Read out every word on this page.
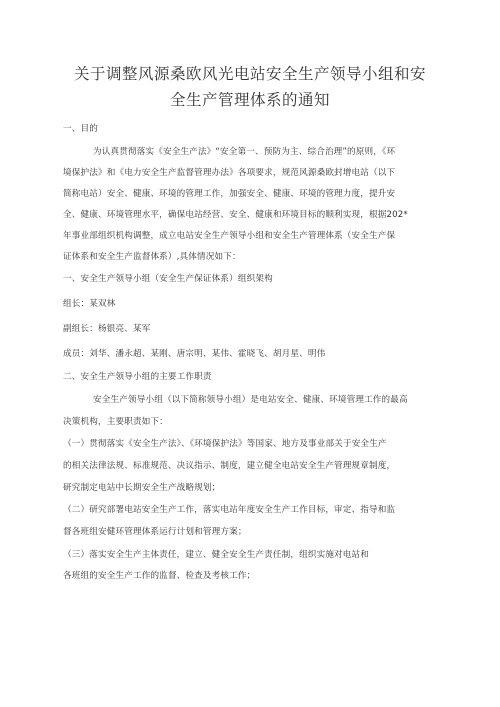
关于调整风源桑欧风光电站安全生产领导小组和安
全生产管理体系的通知
一、目的
为认真贯彻落实《安全生产法》“安全第一、预防为主、综合治理”的原则，《环
境保护法》和《电力安全生产监督管理办法》各项要求，规范风源桑欧封增电站（以下
简称电站）安全、健康、环境的管理工作，加强安全、健康、环境的管理力度，提升安
全、健康、环境管理水平，确保电站经营、安全、健康和环境目标的顺利实现，根据202*
年事业部组织机构调整，成立电站安全生产领导小组和安全生产管理体系（安全生产保
证体系和安全生产监督体系）,具体情况如下：
一、安全生产领导小组（安全生产保证体系）组织架构
组长：某双林
副组长：杨银亮、某军
成员：刘华、潘永超、某刚、唐宗明、某伟、霍晓飞、胡月星、明伟
二、安全生产领导小组的主要工作职责
安全生产领导小组（以下简称领导小组）是电站安全、健康、环境管理工作的最高
决策机构，主要职责如下：
（一）贯彻落实《安全生产法》、《环境保护法》等国家、地方及事业部关于安全生产
的相关法律法规、标准规范、决议指示、制度，建立健全电站安全生产管理规章制度，
研究制定电站中长期安全生产战略规划；
（二）研究部署电站安全生产工作，落实电站年度安全生产工作目标，审定、指导和监
督各班组安健环管理体系运行计划和管理方案；
（三）落实安全生产主体责任，建立、健全安全生产责任制，组织实施对电站和
各班组的安全生产工作的监督、检查及考核工作；
